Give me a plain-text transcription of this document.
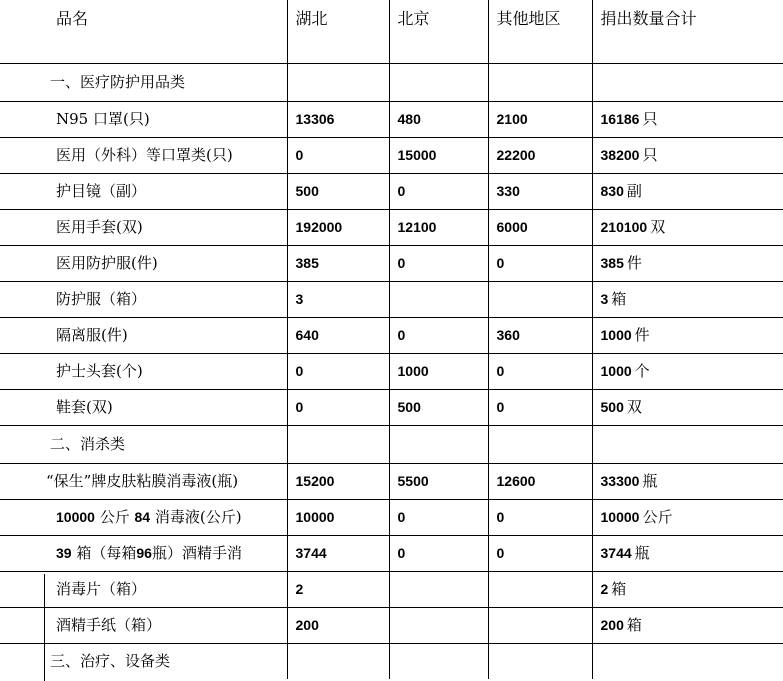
品名	湖北	北京	其他地区	捐出数量合计

一、医疗防护用品类				

N95 口罩(只)	13306	480	2100	16186 只

医用（外科）等口罩类(只)	0	15000	22200	38200 只

护目镜（副）	500	0	330	830 副

医用手套(双)	192000	12100	6000	210100 双

医用防护服(件)	385	0	0	385 件

防护服（箱）	3			3 箱

隔离服(件)	640	0	360	1000 件

护士头套(个)	0	1000	0	1000 个

鞋套(双)	0	500	0	500 双

二、消杀类				

“保生”牌皮肤粘膜消毒液(瓶)	15200	5500	12600	33300 瓶

10000 公斤 84 消毒液(公斤)	10000	0	0	10000 公斤

39 箱（每箱96瓶）酒精手消	3744	0	0	3744 瓶

消毒片（箱）	2			2 箱

酒精手纸（箱）	200			200 箱

三、治疗、设备类				
